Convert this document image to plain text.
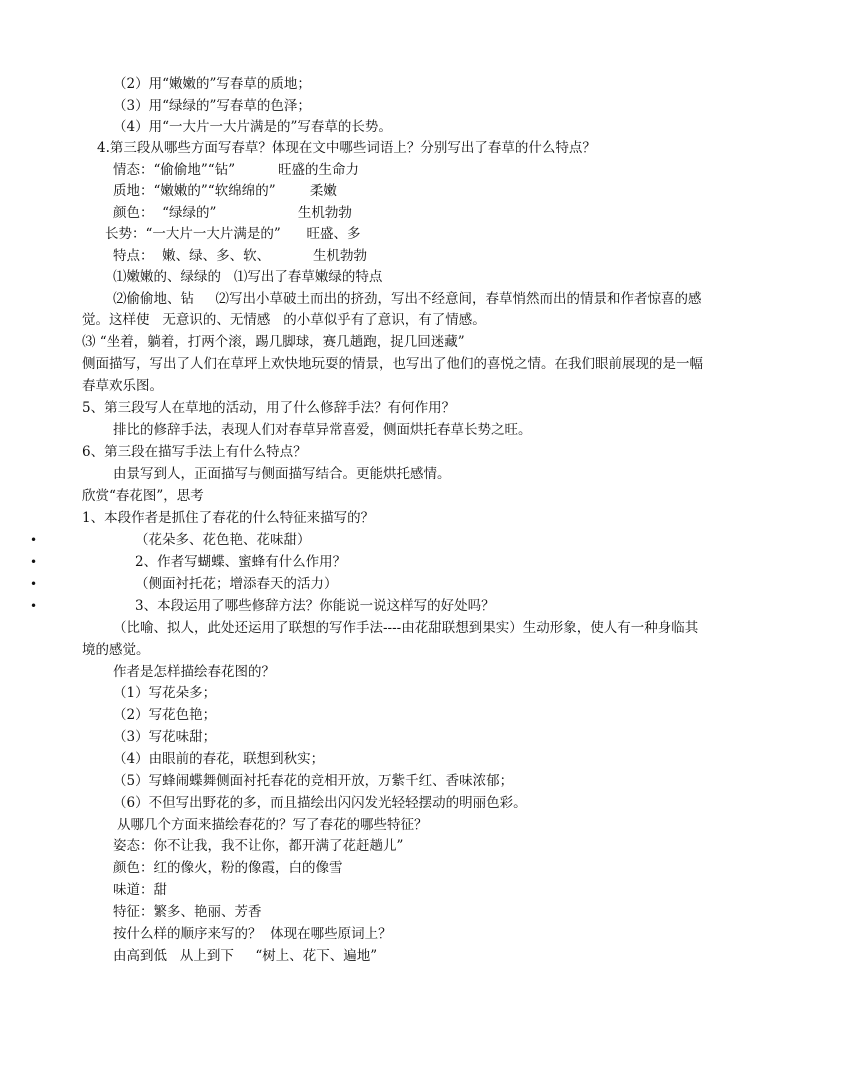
（2）用“嫩嫩的”写春草的质地；
（3）用“绿绿的”写春草的色泽；
（4）用“一大片一大片满是的”写春草的长势。
4.第三段从哪些方面写春草？体现在文中哪些词语上？分别写出了春草的什么特点？
情态：“偷偷地”“钻”          旺盛的生命力
质地：“嫩嫩的”“软绵绵的”        柔嫩
颜色：  “绿绿的”                   生机勃勃
长势：“一大片一大片满是的”      旺盛、多
特点：  嫩、绿、多、软、          生机勃勃
⑴嫩嫩的、绿绿的   ⑴写出了春草嫩绿的特点
⑵偷偷地、钻     ⑵写出小草破土而出的挤劲，写出不经意间，春草悄然而出的情景和作者惊喜的感
觉。这样使   无意识的、无情感   的小草似乎有了意识，有了情感。
⑶ “坐着，躺着，打两个滚，踢几脚球，赛几趟跑，捉几回迷藏”
侧面描写，写出了人们在草坪上欢快地玩耍的情景，也写出了他们的喜悦之情。在我们眼前展现的是一幅
春草欢乐图。
5、第三段写人在草地的活动，用了什么修辞手法？有何作用？
排比的修辞手法，表现人们对春草异常喜爱，侧面烘托春草长势之旺。
6、第三段在描写手法上有什么特点？
由景写到人，正面描写与侧面描写结合。更能烘托感情。
欣赏“春花图”，思考
1、本段作者是抓住了春花的什么特征来描写的？
（花朵多、花色艳、花味甜）
2、作者写蝴蝶、蜜蜂有什么作用？
（侧面衬托花；增添春天的活力）
3、本段运用了哪些修辞方法？你能说一说这样写的好处吗？
（比喻、拟人，此处还运用了联想的写作手法----由花甜联想到果实）生动形象，使人有一种身临其
境的感觉。
作者是怎样描绘春花图的？
（1）写花朵多；
（2）写花色艳；
（3）写花味甜；
（4）由眼前的春花，联想到秋实；
（5）写蜂闹蝶舞侧面衬托春花的竞相开放，万紫千红、香味浓郁；
（6）不但写出野花的多，而且描绘出闪闪发光轻轻摆动的明丽色彩。
从哪几个方面来描绘春花的？写了春花的哪些特征？
姿态：你不让我，我不让你，都开满了花赶趟儿”
颜色：红的像火，粉的像霞，白的像雪
味道：甜
特征：繁多、艳丽、芳香
按什么样的顺序来写的？  体现在哪些原词上？
由高到低   从上到下     “树上、花下、遍地”
•
•
•
•
